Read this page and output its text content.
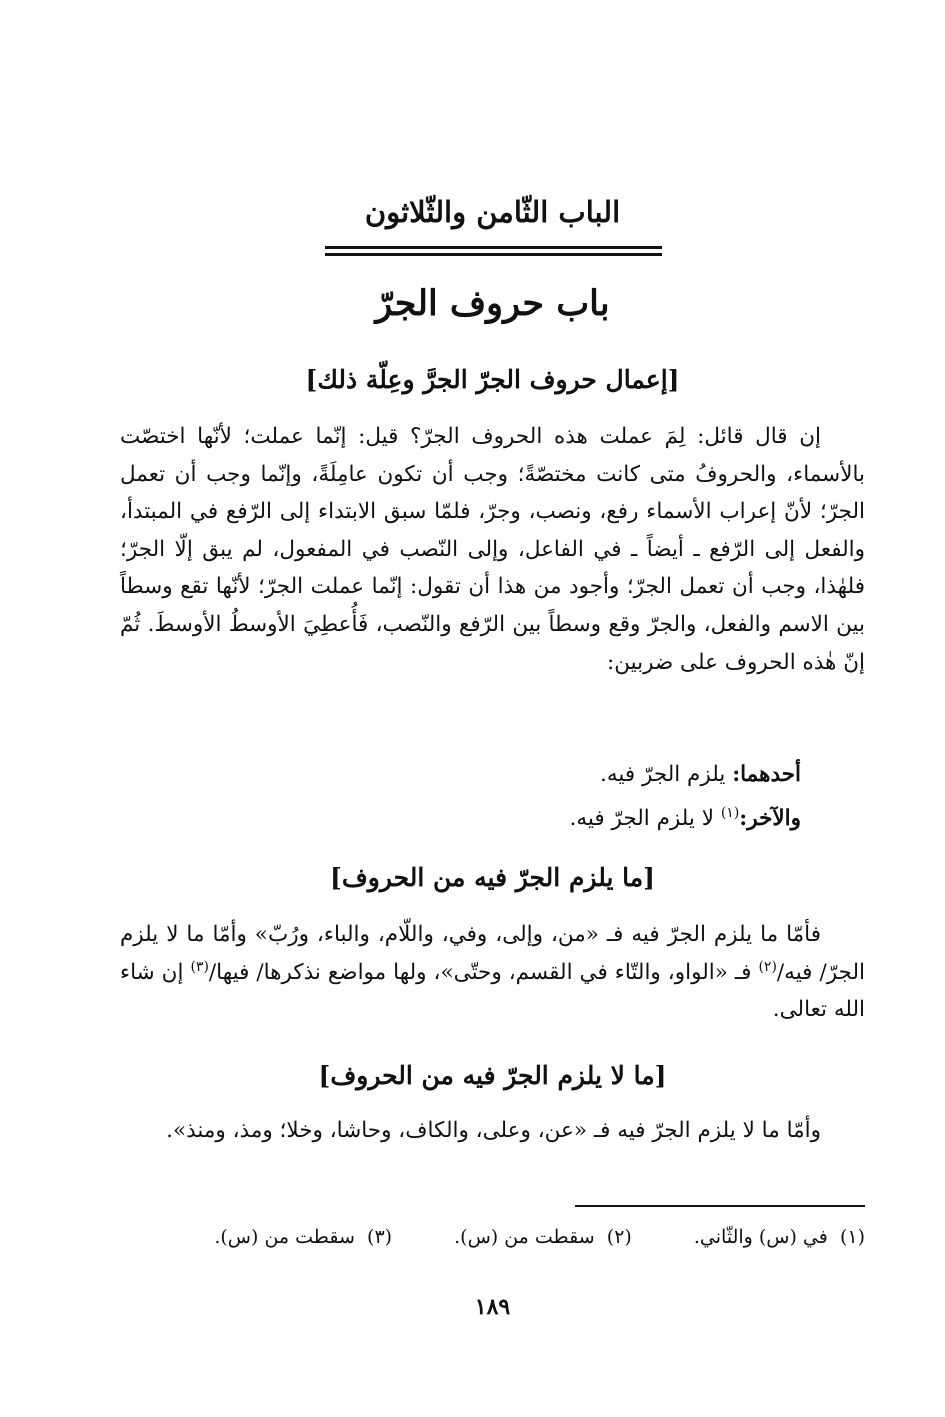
الباب الثّامن والثّلاثون
باب حروف الجرّ
[إعمال حروف الجرّ الجرَّ وعِلّة ذلك]
إن قال قائل: لِمَ عملت هذه الحروف الجرّ؟ قيل: إنّما عملت؛ لأنّها اختصّت بالأسماء، والحروفُ متى كانت مختصّةً؛ وجب أن تكون عامِلَةً، وإنّما وجب أن تعمل الجرّ؛ لأنّ إعراب الأسماء رفع، ونصب، وجرّ، فلمّا سبق الابتداء إلى الرّفع في المبتدأ، والفعل إلى الرّفع ـ أيضاً ـ في الفاعل، وإلى النّصب في المفعول، لم يبق إلّا الجرّ؛ فلهٰذا، وجب أن تعمل الجرّ؛ وأجود من هذا أن تقول: إنّما عملت الجرّ؛ لأنّها تقع وسطاً بين الاسم والفعل، والجرّ وقع وسطاً بين الرّفع والنّصب، فَأُعطِيَ الأوسطُ الأوسطَ. ثُمّ إنّ هٰذه الحروف على ضربين:
أحدهما: يلزم الجرّ فيه.
والآخر:$^{(١)}$ لا يلزم الجرّ فيه.
[ما يلزم الجرّ فيه من الحروف]
فأمّا ما يلزم الجرّ فيه فـ «من، وإلى، وفي، واللّام، والباء، ورُبّ» وأمّا ما لا يلزم الجرّ/ فيه/$^{(٢)}$ فـ «الواو، والتّاء في القسم، وحتّى»، ولها مواضع نذكرها/ فيها/$^{(٣)}$ إن شاء الله تعالى.
[ما لا يلزم الجرّ فيه من الحروف]
وأمّا ما لا يلزم الجرّ فيه فـ «عن، وعلى، والكاف، وحاشا، وخلا؛ ومذ، ومنذ».
(١)  في (س) والثّاني. (٢)  سقطت من (س). (٣)  سقطت من (س).
١٨٩
